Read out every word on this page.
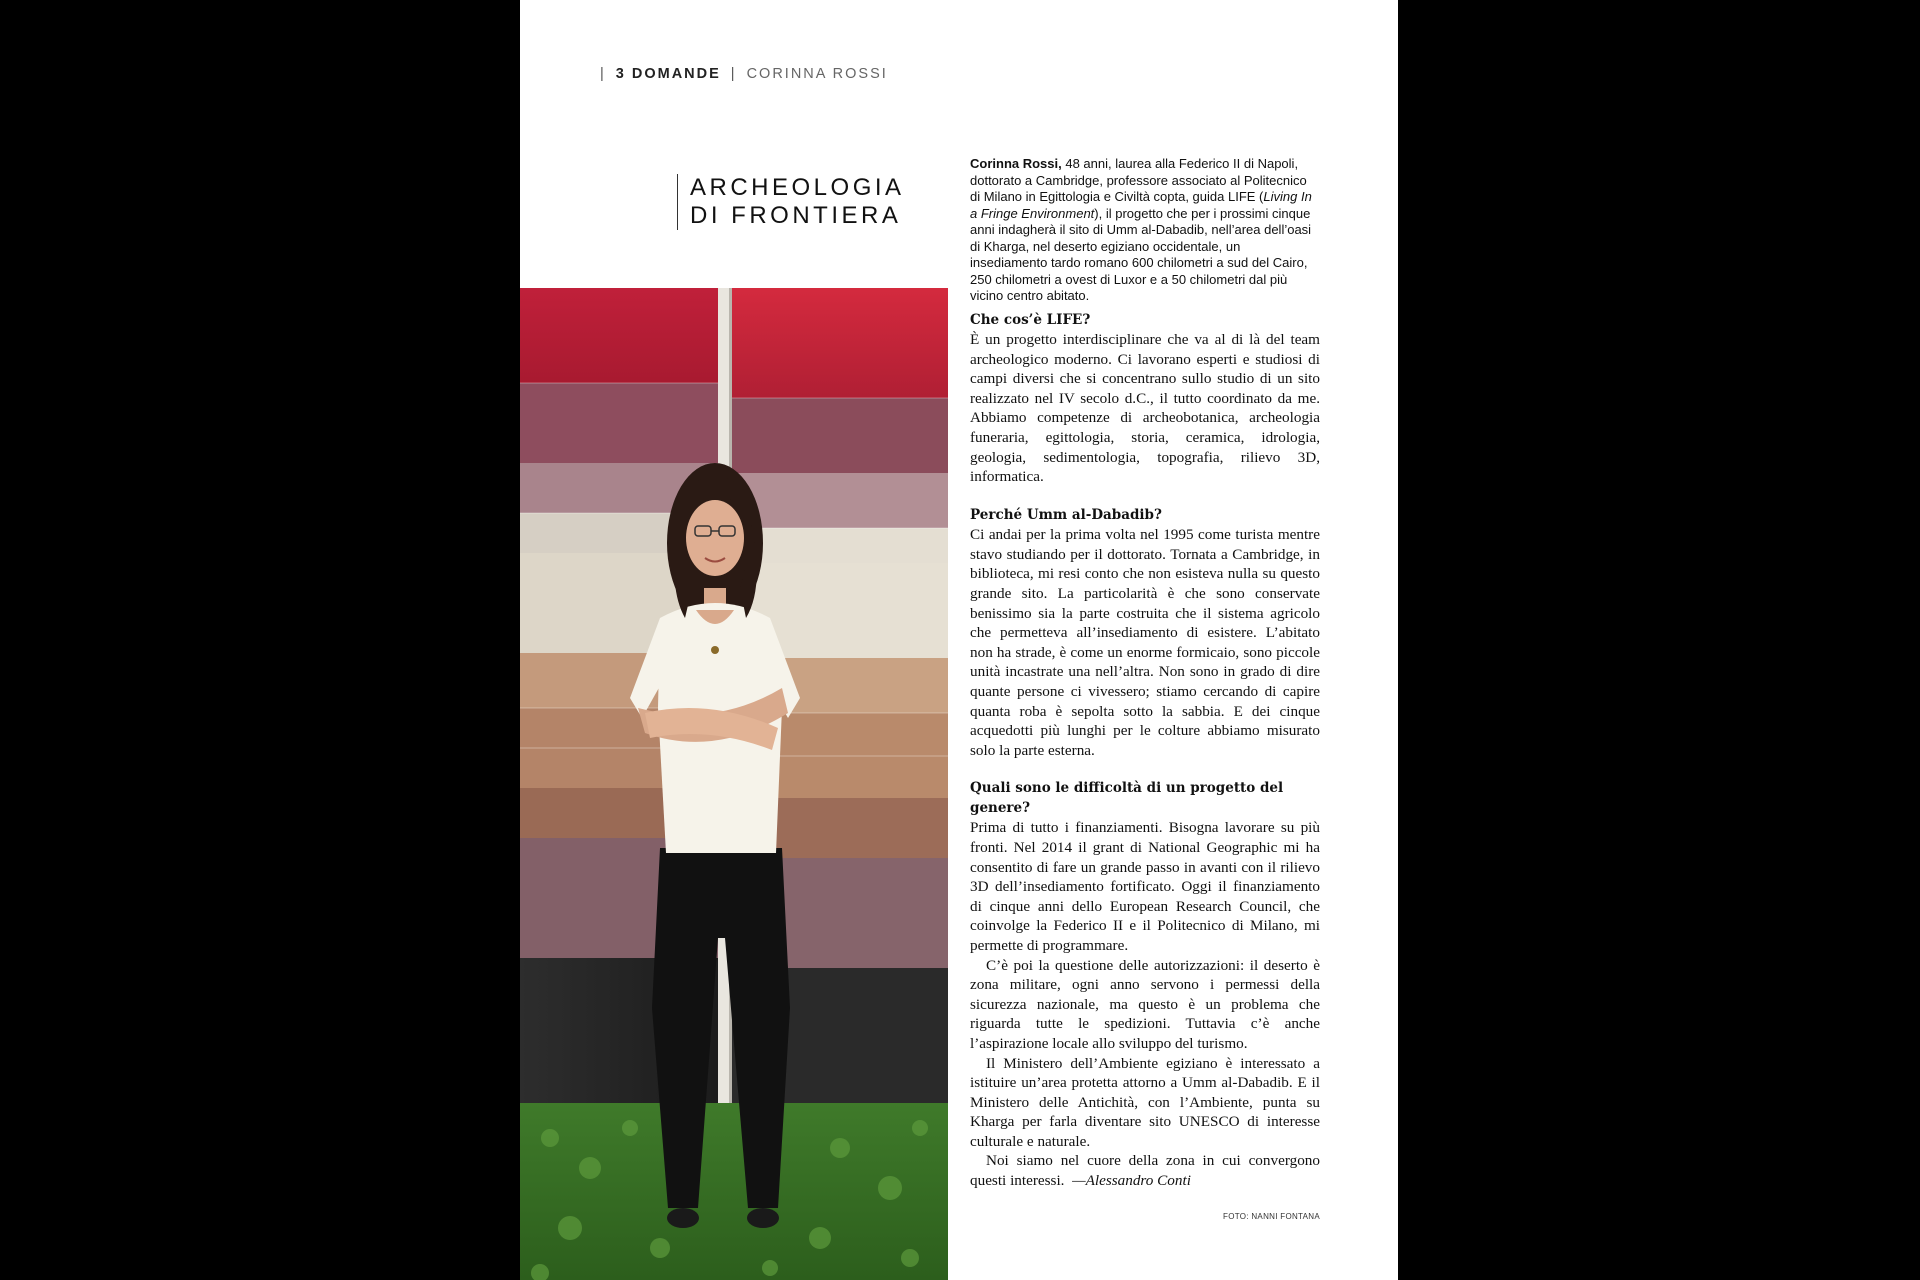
| 3 DOMANDE | CORINNA ROSSI
ARCHEOLOGIA
DI FRONTIERA

Corinna Rossi, 48 anni, laurea alla Federico II di Napoli, dottorato a Cambridge, professore associato al Politecnico di Milano in Egittologia e Civiltà copta, guida LIFE (Living In a Fringe Environment), il progetto che per i prossimi cinque anni indagherà il sito di Umm al-Dabadib, nell’area dell’oasi di Kharga, nel deserto egiziano occidentale, un insediamento tardo romano 600 chilometri a sud del Cairo, 250 chilometri a ovest di Luxor e a 50 chilometri dal più vicino centro abitato.

Che cos’è LIFE?

È un progetto interdisciplinare che va al di là del team archeologico moderno. Ci lavorano esperti e studiosi di campi diversi che si concentrano sullo studio di un sito realizzato nel IV secolo d.C., il tutto coordinato da me. Abbiamo competenze di archeobotanica, archeologia funeraria, egittologia, storia, ceramica, idrologia, geologia, sedimentologia, topografia, rilievo 3D, informatica.

Perché Umm al-Dabadib?

Ci andai per la prima volta nel 1995 come turista mentre stavo studiando per il dottorato. Tornata a Cambridge, in biblioteca, mi resi conto che non esisteva nulla su questo grande sito. La particolarità è che sono conservate benissimo sia la parte costruita che il sistema agricolo che permetteva all’insediamento di esistere. L’abitato non ha strade, è come un enorme formicaio, sono piccole unità incastrate una nell’altra. Non sono in grado di dire quante persone ci vivessero; stiamo cercando di capire quanta roba è sepolta sotto la sabbia. E dei cinque acquedotti più lunghi per le colture abbiamo misurato solo la parte esterna.

Quali sono le difficoltà di un progetto del genere?

Prima di tutto i finanziamenti. Bisogna lavorare su più fronti. Nel 2014 il grant di National Geographic mi ha consentito di fare un grande passo in avanti con il rilievo 3D dell’insediamento fortificato. Oggi il finanziamento di cinque anni dello European Research Council, che coinvolge la Federico II e il Politecnico di Milano, mi permette di programmare.

C’è poi la questione delle autorizzazioni: il deserto è zona militare, ogni anno servono i permessi della sicurezza nazionale, ma questo è un problema che riguarda tutte le spedizioni. Tuttavia c’è anche l’aspirazione locale allo sviluppo del turismo.

Il Ministero dell’Ambiente egiziano è interessato a istituire un’area protetta attorno a Umm al-Dabadib. E il Ministero delle Antichità, con l’Ambiente, punta su Kharga per farla diventare sito UNESCO di interesse culturale e naturale.

Noi siamo nel cuore della zona in cui convergono questi interessi. —Alessandro Conti

FOTO: NANNI FONTANA
